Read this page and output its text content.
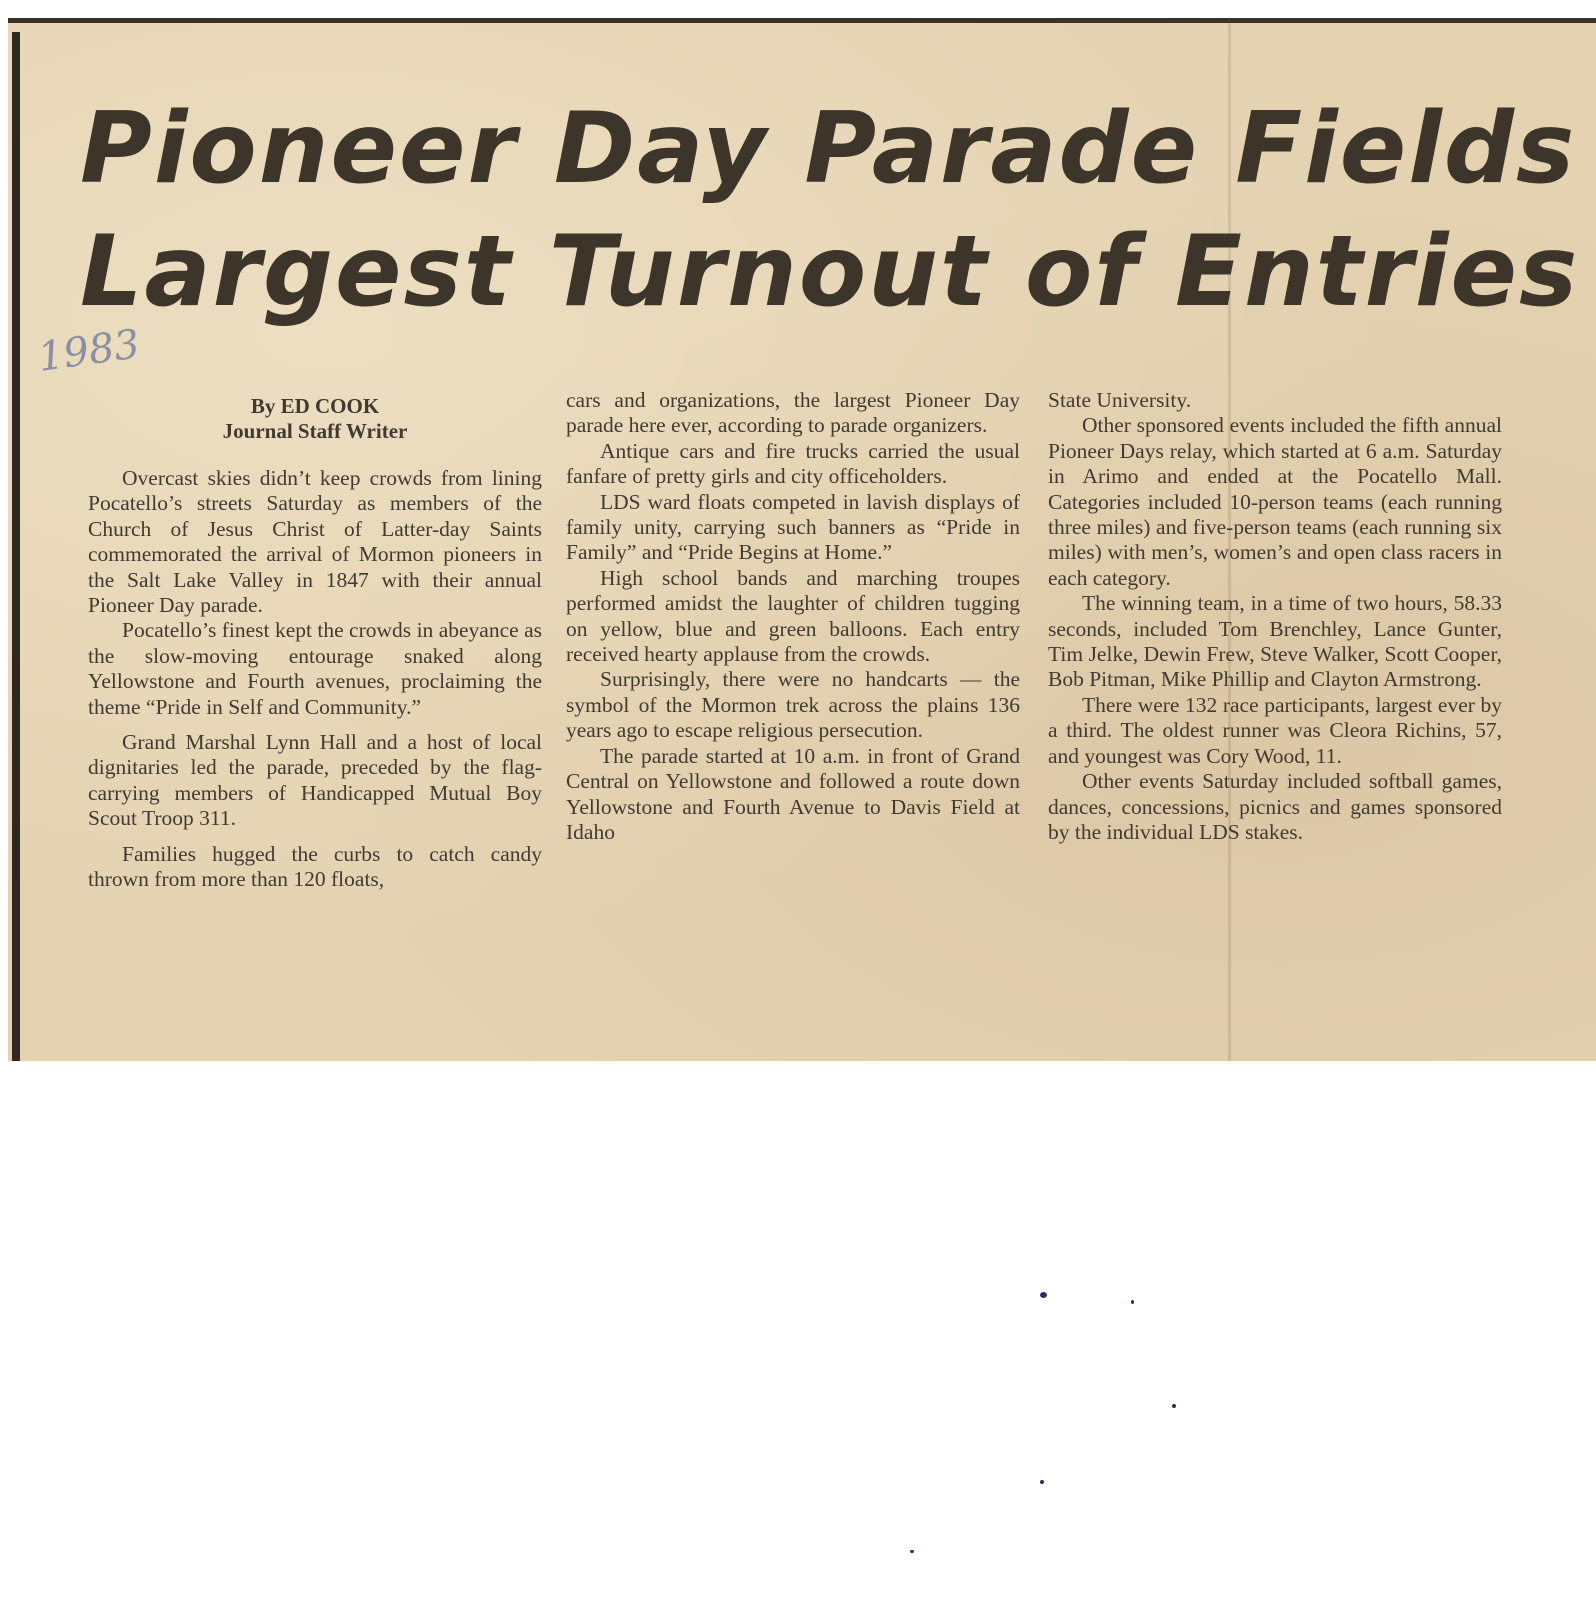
Pioneer Day Parade Fields
Largest Turnout of Entries
1983
By ED COOK
Journal Staff Writer

Overcast skies didn’t keep crowds from lining Pocatello’s streets Saturday as members of the Church of Jesus Christ of Latter-day Saints commemorated the arrival of Mormon pioneers in the Salt Lake Valley in 1847 with their annual Pioneer Day parade.

Pocatello’s finest kept the crowds in abeyance as the slow-moving entourage snaked along Yellowstone and Fourth avenues, proclaiming the theme “Pride in Self and Community.”

Grand Marshal Lynn Hall and a host of local dignitaries led the parade, preceded by the flag-carrying members of Handicapped Mutual Boy Scout Troop 311.

Families hugged the curbs to catch candy thrown from more than 120 floats,

cars and organizations, the largest Pioneer Day parade here ever, according to parade organizers.

Antique cars and fire trucks carried the usual fanfare of pretty girls and city officeholders.

LDS ward floats competed in lavish displays of family unity, carrying such banners as “Pride in Family” and “Pride Begins at Home.”

High school bands and marching troupes performed amidst the laughter of children tugging on yellow, blue and green balloons. Each entry received hearty applause from the crowds.

Surprisingly, there were no handcarts — the symbol of the Mormon trek across the plains 136 years ago to escape religious persecution.

The parade started at 10 a.m. in front of Grand Central on Yellowstone and followed a route down Yellowstone and Fourth Avenue to Davis Field at Idaho

State University.

Other sponsored events included the fifth annual Pioneer Days relay, which started at 6 a.m. Saturday in Arimo and ended at the Pocatello Mall. Categories included 10-person teams (each running three miles) and five-person teams (each running six miles) with men’s, women’s and open class racers in each category.

The winning team, in a time of two hours, 58.33 seconds, included Tom Brenchley, Lance Gunter, Tim Jelke, Dewin Frew, Steve Walker, Scott Cooper, Bob Pitman, Mike Phillip and Clayton Armstrong.

There were 132 race participants, largest ever by a third. The oldest runner was Cleora Richins, 57, and youngest was Cory Wood, 11.

Other events Saturday included softball games, dances, concessions, picnics and games sponsored by the individual LDS stakes.
